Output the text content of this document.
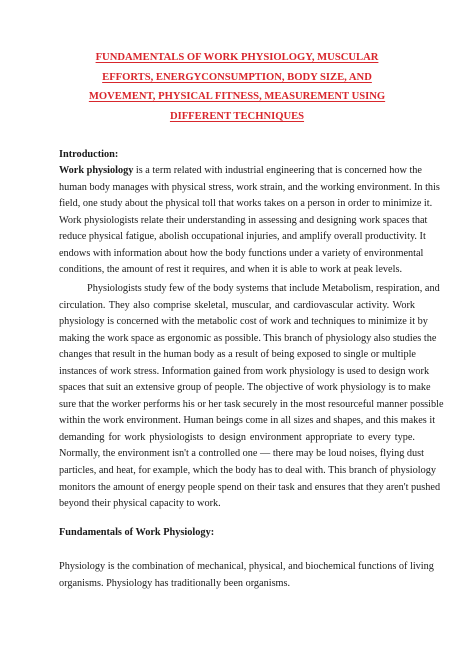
FUNDAMENTALS OF WORK PHYSIOLOGY, MUSCULAR
EFFORTS, ENERGYCONSUMPTION, BODY SIZE, AND
MOVEMENT, PHYSICAL FITNESS, MEASUREMENT USING
DIFFERENT TECHNIQUES

Introduction:

Work physiology is a term related with industrial engineering that is concerned how the
human body manages with physical stress, work strain, and the working environment. In this
field, one study about the physical toll that works takes on a person in order to minimize it.
Work physiologists relate their understanding in assessing and designing work spaces that
reduce physical fatigue, abolish occupational injuries, and amplify overall productivity. It
endows with information about how the body functions under a variety of environmental
conditions, the amount of rest it requires, and when it is able to work at peak levels.
Physiologists study few of the body systems that include Metabolism, respiration, and
circulation. They also comprise skeletal, muscular, and cardiovascular activity. Work
physiology is concerned with the metabolic cost of work and techniques to minimize it by
making the work space as ergonomic as possible. This branch of physiology also studies the
changes that result in the human body as a result of being exposed to single or multiple
instances of work stress. Information gained from work physiology is used to design work
spaces that suit an extensive group of people. The objective of work physiology is to make
sure that the worker performs his or her task securely in the most resourceful manner possible
within the work environment. Human beings come in all sizes and shapes, and this makes it
demanding for work physiologists to design environment appropriate to every type.
Normally, the environment isn't a controlled one — there may be loud noises, flying dust
particles, and heat, for example, which the body has to deal with. This branch of physiology
monitors the amount of energy people spend on their task and ensures that they aren't pushed
beyond their physical capacity to work.

Fundamentals of Work Physiology:

Physiology is the combination of mechanical, physical, and biochemical functions of living
organisms. Physiology has traditionally been organisms.
